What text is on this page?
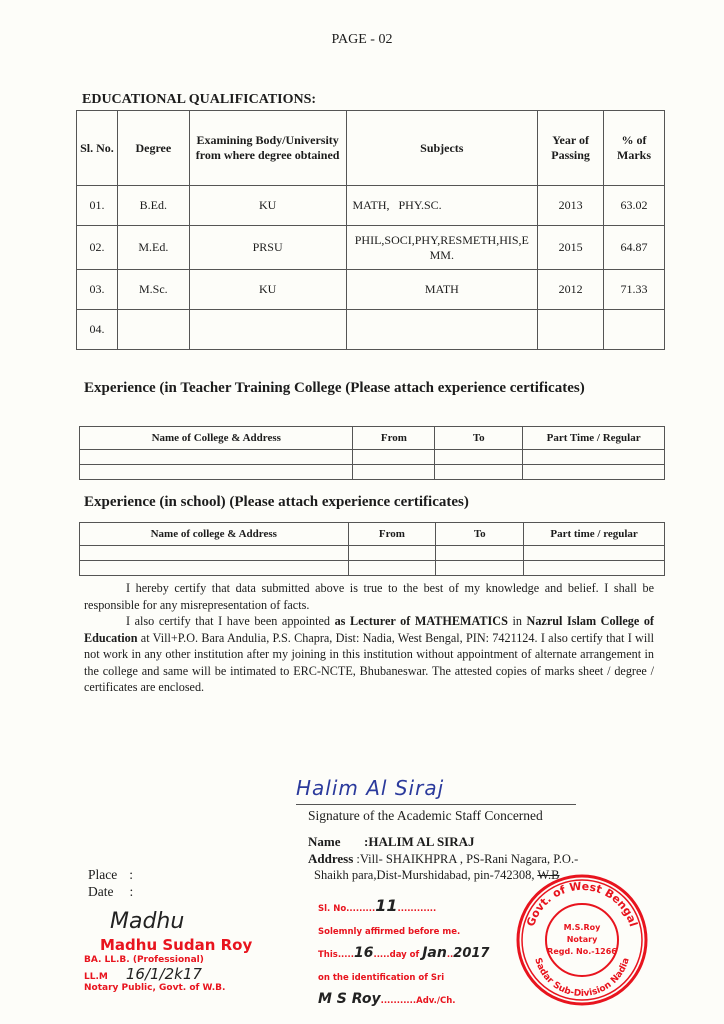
PAGE - 02
EDUCATIONAL QUALIFICATIONS:
Sl. No.	Degree	Examining Body/University from where degree obtained	Subjects	Year of Passing	% of Marks
01.	B.Ed.	KU	MATH,   PHY.SC.	2013	63.02
02.	M.Ed.	PRSU	PHIL,SOCI,PHY,RESMETH,HIS,EMM.	2015	64.87
03.	M.Sc.	KU	MATH	2012	71.33
04.					
Experience (in Teacher Training College (Please attach experience certificates)
Name of College & Address	From	To	Part Time / Regular

Experience (in school) (Please attach experience certificates)
Name of college & Address	From	To	Part time / regular

I hereby certify that data submitted above is true to the best of my knowledge and belief. I shall be responsible for any misrepresentation of facts.

I also certify that I have been appointed as Lecturer of MATHEMATICS in Nazrul Islam College of Education at Vill+P.O. Bara Andulia, P.S. Chapra, Dist: Nadia, West Bengal, PIN: 7421124. I also certify that I will not work in any other institution after my joining in this institution without appointment of alternate arrangement in the college and same will be intimated to ERC-NCTE, Bhubaneswar. The attested copies of marks sheet / degree / certificates are enclosed.

Halim Al Siraj
Signature of the Academic Staff Concerned
Name :HALIM AL SIRAJ
Address :Vill- SHAIKHPRA , PS-Rani Nagara, P.O.-
Shaikh para,Dist-Murshidabad, pin-742308, W.B
Place :
Date :
Madhu
Madhu Sudan Roy
BA. LL.B. (Professional)
LL.M 16/1/2k17
Notary Public, Govt. of W.B.
Sl. No.........11............
Solemnly affirmed before me.
This.....16.....day of Jan..2017
on the identification of Sri
M S Roy...........Adv./Ch.
Govt. of West Bengal
Sadar Sub-Division Nadia
M.S.Roy
Notary
Regd. No.-1266
